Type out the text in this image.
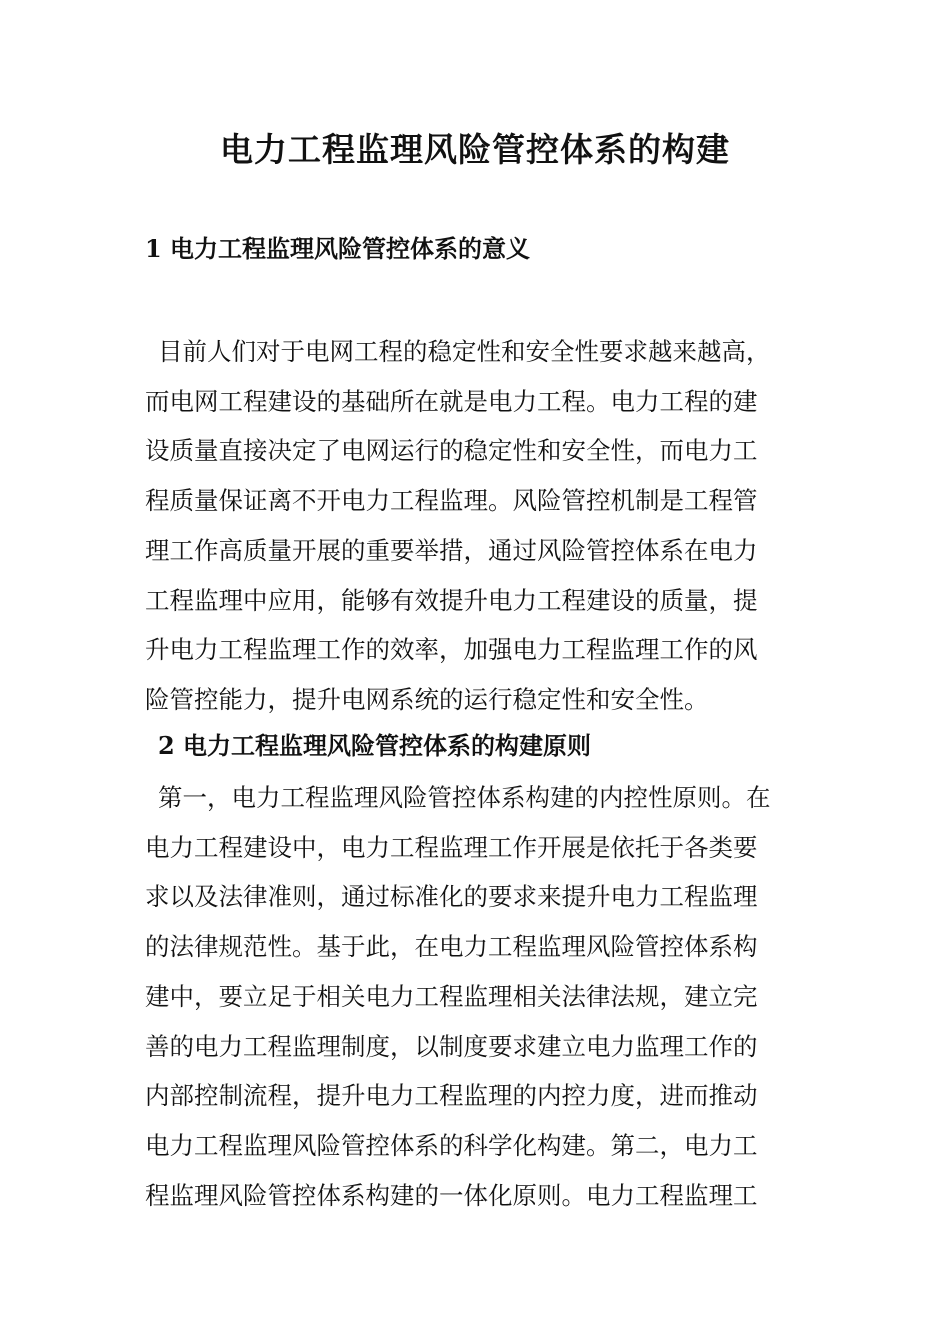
电力工程监理风险管控体系的构建
1 电力工程监理风险管控体系的意义

目前人们对于电网工程的稳定性和安全性要求越来越高，
而电网工程建设的基础所在就是电力工程。电力工程的建
设质量直接决定了电网运行的稳定性和安全性，而电力工
程质量保证离不开电力工程监理。风险管控机制是工程管
理工作高质量开展的重要举措，通过风险管控体系在电力
工程监理中应用，能够有效提升电力工程建设的质量，提
升电力工程监理工作的效率，加强电力工程监理工作的风
险管控能力，提升电网系统的运行稳定性和安全性。

2 电力工程监理风险管控体系的构建原则

第一，电力工程监理风险管控体系构建的内控性原则。在
电力工程建设中，电力工程监理工作开展是依托于各类要
求以及法律准则，通过标准化的要求来提升电力工程监理
的法律规范性。基于此，在电力工程监理风险管控体系构
建中，要立足于相关电力工程监理相关法律法规，建立完
善的电力工程监理制度，以制度要求建立电力监理工作的
内部控制流程，提升电力工程监理的内控力度，进而推动
电力工程监理风险管控体系的科学化构建。第二，电力工
程监理风险管控体系构建的一体化原则。电力工程监理工
